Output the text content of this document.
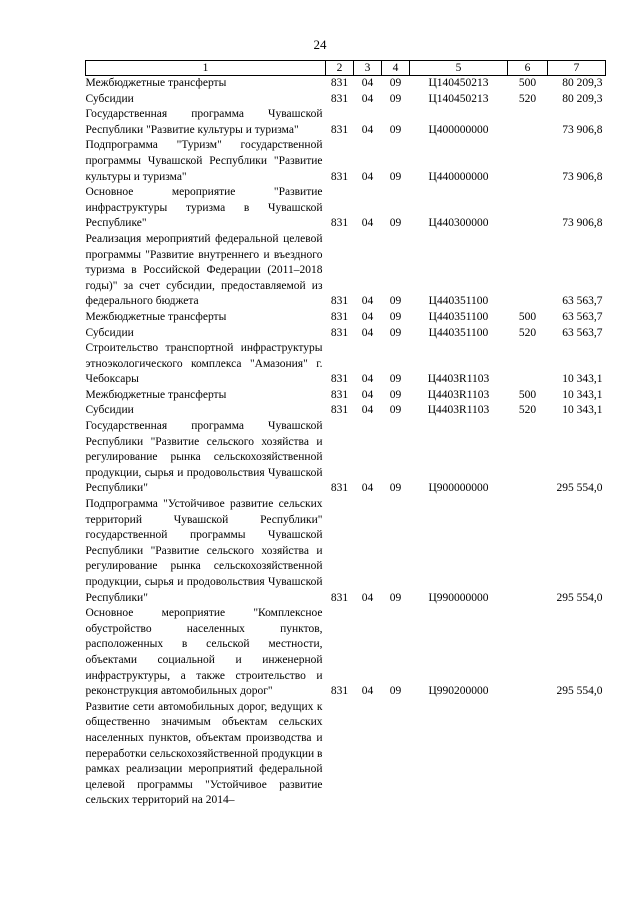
24
1	2	3	4	5	6	7
Межбюджетные трансферты	831	04	09	Ц140450213	500	80 209,3
Субсидии	831	04	09	Ц140450213	520	80 209,3
Государственная программа Чувашской Республики "Развитие культуры и туризма"	831	04	09	Ц400000000		73 906,8
Подпрограмма "Туризм" государственной программы Чувашской Республики "Развитие культуры и туризма"	831	04	09	Ц440000000		73 906,8
Основное мероприятие "Развитие инфраструктуры туризма в Чувашской Республике"	831	04	09	Ц440300000		73 906,8
Реализация мероприятий федеральной целевой программы "Развитие внутреннего и въездного туризма в Российской Федерации (2011–2018 годы)" за счет субсидии, предоставляемой из федерального бюджета	831	04	09	Ц440351100		63 563,7
Межбюджетные трансферты	831	04	09	Ц440351100	500	63 563,7
Субсидии	831	04	09	Ц440351100	520	63 563,7
Строительство транспортной инфраструктуры этноэкологического комплекса "Амазония" г. Чебоксары	831	04	09	Ц4403R1103		10 343,1
Межбюджетные трансферты	831	04	09	Ц4403R1103	500	10 343,1
Субсидии	831	04	09	Ц4403R1103	520	10 343,1
Государственная программа Чувашской Республики "Развитие сельского хозяйства и регулирование рынка сельскохозяйственной продукции, сырья и продовольствия Чувашской Республики"	831	04	09	Ц900000000		295 554,0
Подпрограмма "Устойчивое развитие сельских территорий Чувашской Республики" государственной программы Чувашской Республики "Развитие сельского хозяйства и регулирование рынка сельскохозяйственной продукции, сырья и продовольствия Чувашской Республики"	831	04	09	Ц990000000		295 554,0
Основное мероприятие "Комплексное обустройство населенных пунктов, расположенных в сельской местности, объектами социальной и инженерной инфраструктуры, а также строительство и реконструкция автомобильных дорог"	831	04	09	Ц990200000		295 554,0
Развитие сети автомобильных дорог, ведущих к общественно значимым объектам сельских населенных пунктов, объектам производства и переработки сельскохозяйственной продукции в рамках реализации мероприятий федеральной целевой программы "Устойчивое развитие сельских территорий на 2014–						
